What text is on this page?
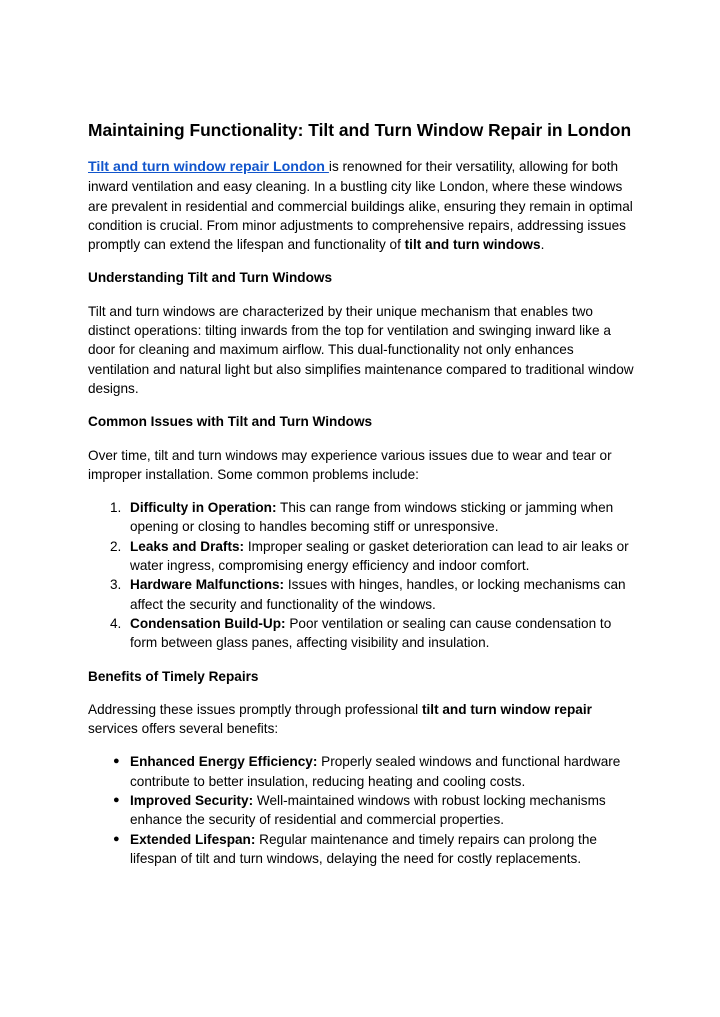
Maintaining Functionality: Tilt and Turn Window Repair in London

Tilt and turn window repair London is renowned for their versatility, allowing for both inward ventilation and easy cleaning. In a bustling city like London, where these windows are prevalent in residential and commercial buildings alike, ensuring they remain in optimal condition is crucial. From minor adjustments to comprehensive repairs, addressing issues promptly can extend the lifespan and functionality of tilt and turn windows.

Understanding Tilt and Turn Windows

Tilt and turn windows are characterized by their unique mechanism that enables two distinct operations: tilting inwards from the top for ventilation and swinging inward like a door for cleaning and maximum airflow. This dual-functionality not only enhances ventilation and natural light but also simplifies maintenance compared to traditional window designs.

Common Issues with Tilt and Turn Windows

Over time, tilt and turn windows may experience various issues due to wear and tear or improper installation. Some common problems include:

1. Difficulty in Operation: This can range from windows sticking or jamming when opening or closing to handles becoming stiff or unresponsive.
2. Leaks and Drafts: Improper sealing or gasket deterioration can lead to air leaks or water ingress, compromising energy efficiency and indoor comfort.
3. Hardware Malfunctions: Issues with hinges, handles, or locking mechanisms can affect the security and functionality of the windows.
4. Condensation Build-Up: Poor ventilation or sealing can cause condensation to form between glass panes, affecting visibility and insulation.
Benefits of Timely Repairs

Addressing these issues promptly through professional tilt and turn window repair services offers several benefits:

● Enhanced Energy Efficiency: Properly sealed windows and functional hardware contribute to better insulation, reducing heating and cooling costs.
● Improved Security: Well-maintained windows with robust locking mechanisms enhance the security of residential and commercial properties.
● Extended Lifespan: Regular maintenance and timely repairs can prolong the lifespan of tilt and turn windows, delaying the need for costly replacements.
